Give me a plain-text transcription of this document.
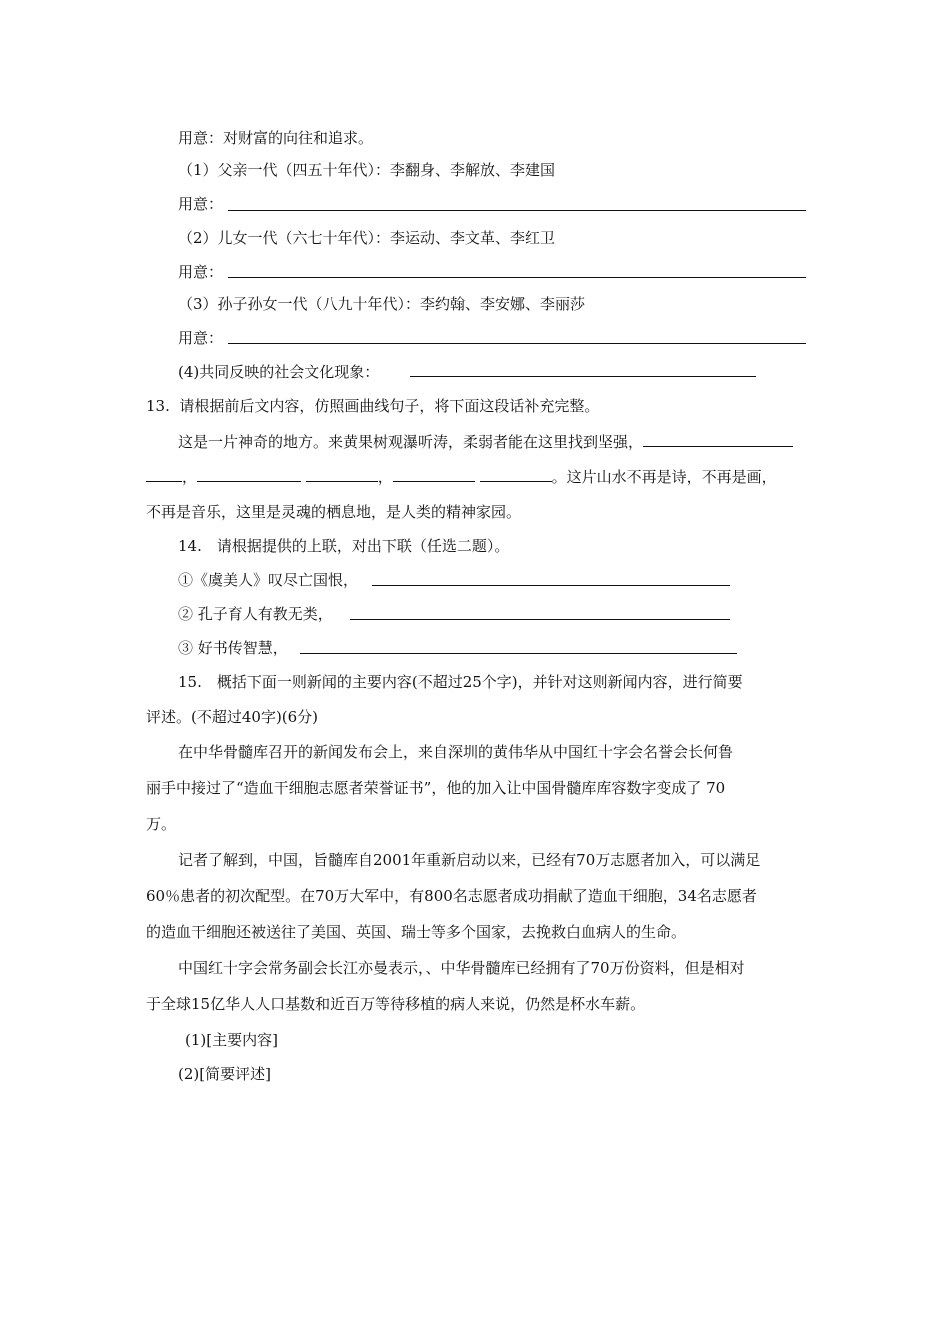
用意：对财富的向往和追求。
（1）父亲一代（四五十年代）：李翻身、李解放、李建国
用意：
（2）儿女一代（六七十年代）：李运动、李文革、李红卫
用意：
（3）孙子孙女一代（八九十年代）：李约翰、李安娜、李丽莎
用意：
(4)共同反映的社会文化现象：
13. 请根据前后文内容，仿照画曲线句子，将下面这段话补充完整。
这是一片神奇的地方。来黄果树观瀑听涛，柔弱者能在这里找到坚强，
，	，	。这片山水不再是诗，不再是画，
不再是音乐，这里是灵魂的栖息地，是人类的精神家园。
14.　请根据提供的上联，对出下联（任选二题）。
①《虞美人》叹尽亡国恨，
② 孔子育人有教无类，
③ 好书传智慧，
15.　概括下面一则新闻的主要内容(不超过25个字)，并针对这则新闻内容，进行简要
评述。(不超过40字)(6分)
在中华骨髓库召开的新闻发布会上，来自深圳的黄伟华从中国红十字会名誉会长何鲁
丽手中接过了“造血干细胞志愿者荣誉证书”，他的加入让中国骨髓库库容数字变成了 70
万。
记者了解到，中国，旨髓库自2001年重新启动以来，已经有70万志愿者加入，可以满足
60％患者的初次配型。在70万大军中，有800名志愿者成功捐献了造血干细胞，34名志愿者
的造血干细胞还被送往了美国、英国、瑞士等多个国家，去挽救白血病人的生命。
中国红十字会常务副会长江亦曼表示，、中华骨髓库已经拥有了70万份资料，但是相对
于全球15亿华人人口基数和近百万等待移植的病人来说，仍然是杯水车薪。
(1)[主要内容]
(2)[简要评述]
